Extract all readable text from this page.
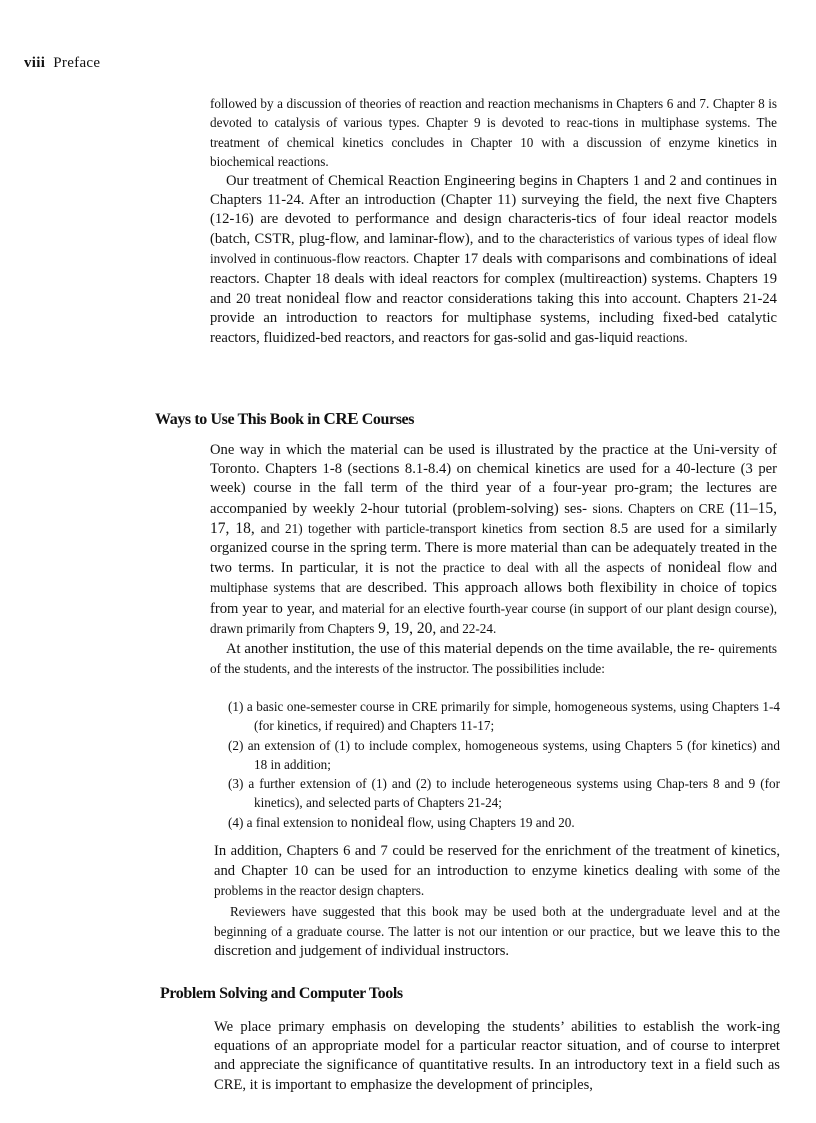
viii Preface

followed by a discussion of theories of reaction and reaction mechanisms in Chapters 6 and 7. Chapter 8 is devoted to catalysis of various types. Chapter 9 is devoted to reac-tions in multiphase systems. The treatment of chemical kinetics concludes in Chapter 10 with a discussion of enzyme kinetics in biochemical reactions.

Our treatment of Chemical Reaction Engineering begins in Chapters 1 and 2 and continues in Chapters 11-24. After an introduction (Chapter 11) surveying the field, the next five Chapters (12-16) are devoted to performance and design characteris-tics of four ideal reactor models (batch, CSTR, plug-flow, and laminar-flow), and to the characteristics of various types of ideal flow involved in continuous-flow reactors. Chapter 17 deals with comparisons and combinations of ideal reactors. Chapter 18 deals with ideal reactors for complex (multireaction) systems. Chapters 19 and 20 treat nonideal flow and reactor considerations taking this into account. Chapters 21-24 provide an introduction to reactors for multiphase systems, including fixed-bed catalytic reactors, fluidized-bed reactors, and reactors for gas-solid and gas-liquid reactions.

Ways to Use This Book in CRE Courses

One way in which the material can be used is illustrated by the practice at the Uni-versity of Toronto. Chapters 1-8 (sections 8.1-8.4) on chemical kinetics are used for a 40-lecture (3 per week) course in the fall term of the third year of a four-year pro-gram; the lectures are accompanied by weekly 2-hour tutorial (problem-solving) ses- sions. Chapters on CRE (11–15, 17, 18, and 21) together with particle-transport kinetics from section 8.5 are used for a similarly organized course in the spring term. There is more material than can be adequately treated in the two terms. In particular, it is not the practice to deal with all the aspects of nonideal flow and multiphase systems that are described. This approach allows both flexibility in choice of topics from year to year, and material for an elective fourth-year course (in support of our plant design course), drawn primarily from Chapters 9, 19, 20, and 22-24.

At another institution, the use of this material depends on the time available, the re- quirements of the students, and the interests of the instructor. The possibilities include:

(1) a basic one-semester course in CRE primarily for simple, homogeneous systems, using Chapters 1-4 (for kinetics, if required) and Chapters 11-17;
(2) an extension of (1) to include complex, homogeneous systems, using Chapters 5 (for kinetics) and 18 in addition;
(3) a further extension of (1) and (2) to include heterogeneous systems using Chap-ters 8 and 9 (for kinetics), and selected parts of Chapters 21-24;
(4) a final extension to nonideal flow, using Chapters 19 and 20.

In addition, Chapters 6 and 7 could be reserved for the enrichment of the treatment of kinetics, and Chapter 10 can be used for an introduction to enzyme kinetics dealing with some of the problems in the reactor design chapters.

Reviewers have suggested that this book may be used both at the undergraduate level and at the beginning of a graduate course. The latter is not our intention or our practice, but we leave this to the discretion and judgement of individual instructors.

Problem Solving and Computer Tools

We place primary emphasis on developing the students’ abilities to establish the work-ing equations of an appropriate model for a particular reactor situation, and of course to interpret and appreciate the significance of quantitative results. In an introductory text in a field such as CRE, it is important to emphasize the development of principles,
